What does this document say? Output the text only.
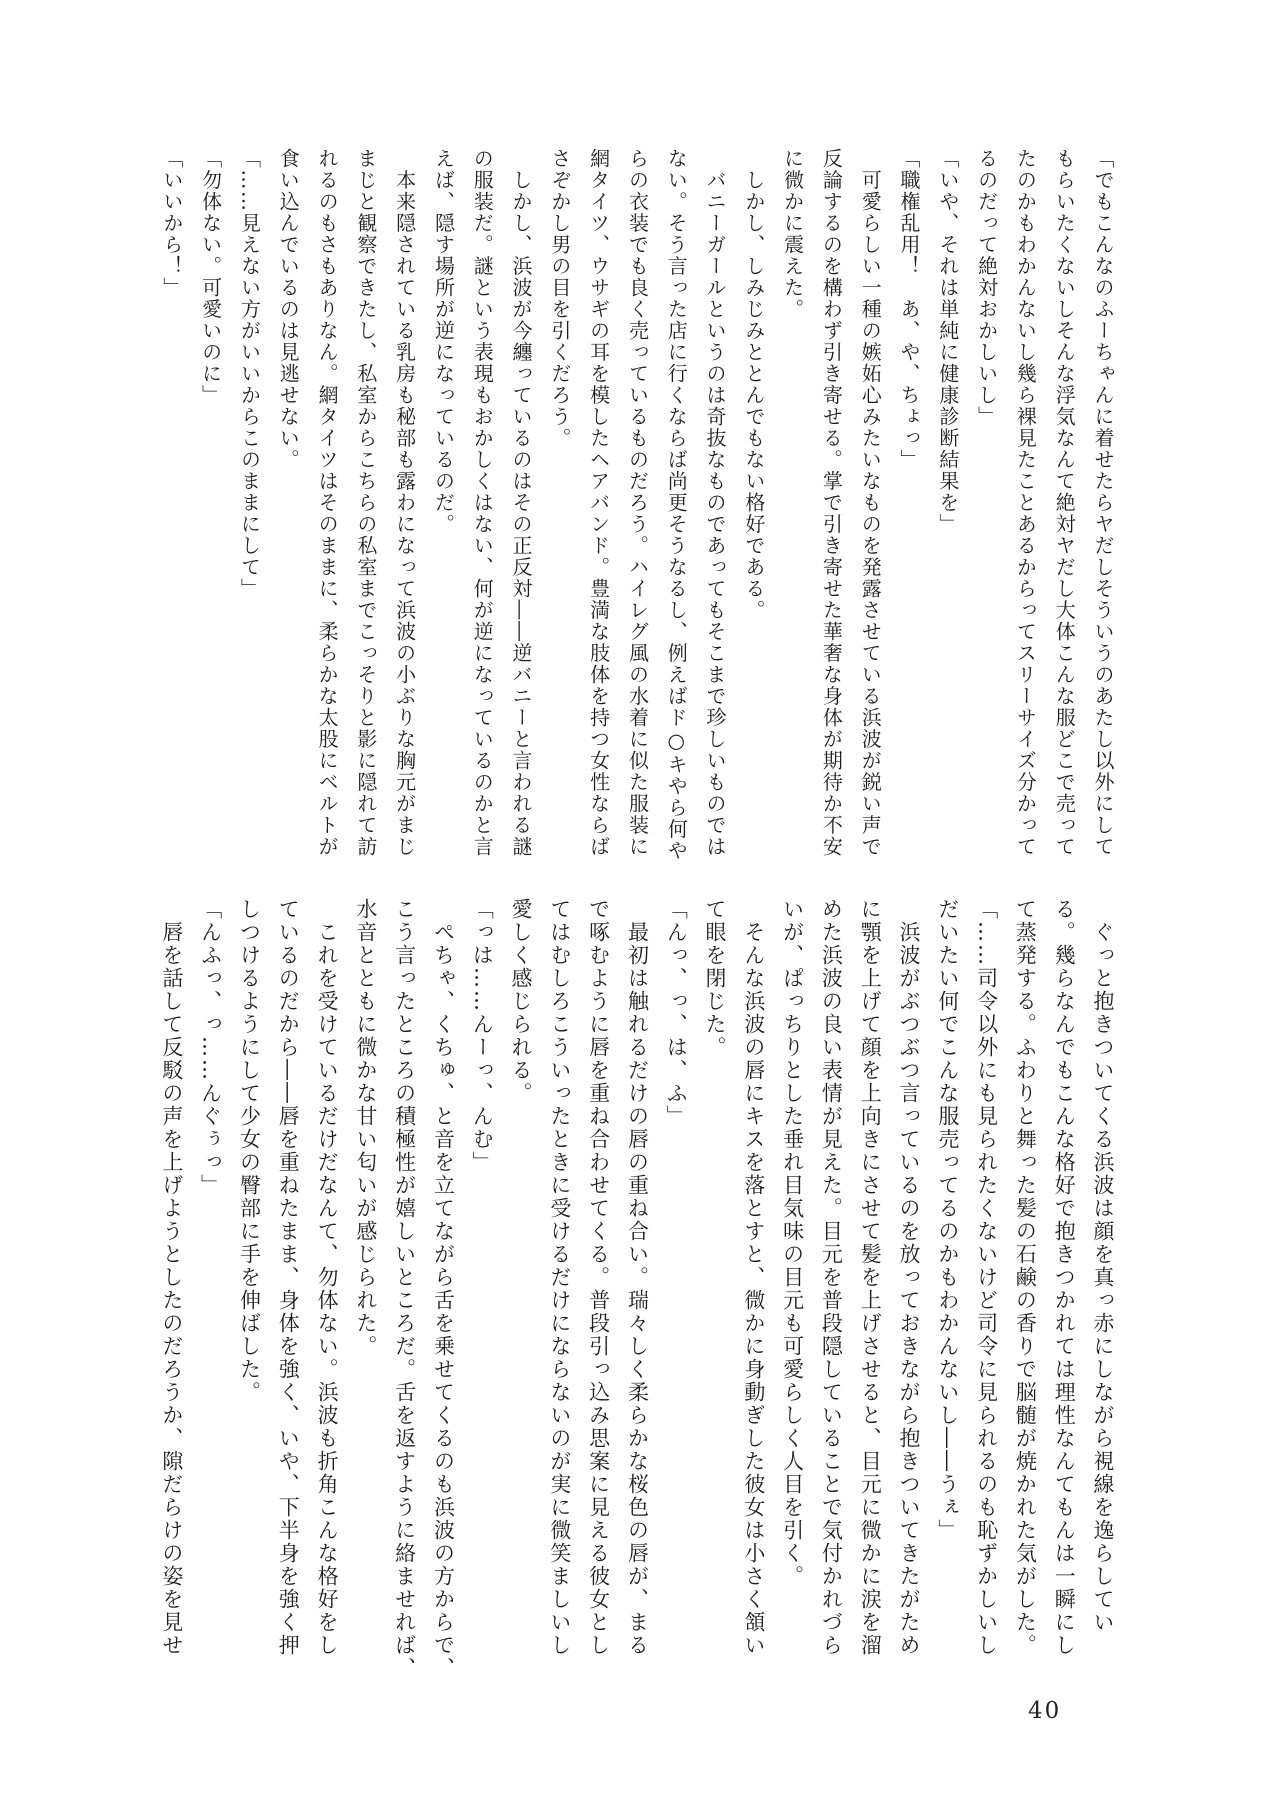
「でもこんなのふーちゃんに着せたらヤだしそういうのあたし以外にして

もらいたくないしそんな浮気なんて絶対ヤだし大体こんな服どこで売って

たのかもわかんないし幾ら裸見たことあるからってスリーサイズ分かって

るのだって絶対おかしいし」

「いや、それは単純に健康診断結果を」

「職権乱用！　あ、や、ちょっ」

　可愛らしい一種の嫉妬心みたいなものを発露させている浜波が鋭い声で

反論するのを構わず引き寄せる。掌で引き寄せた華奢な身体が期待か不安

に微かに震えた。

　しかし、しみじみととんでもない格好である。

　バニーガールというのは奇抜なものであってもそこまで珍しいものでは

ない。そう言った店に行くならば尚更そうなるし、例えばド○キやら何や

らの衣装でも良く売っているものだろう。ハイレグ風の水着に似た服装に

網タイツ、ウサギの耳を模したヘアバンド。豊満な肢体を持つ女性ならば

さぞかし男の目を引くだろう。

　しかし、浜波が今纏っているのはその正反対――逆バニーと言われる謎

の服装だ。謎という表現もおかしくはない、何が逆になっているのかと言

えば、隠す場所が逆になっているのだ。

　本来隠されている乳房も秘部も露わになって浜波の小ぶりな胸元がまじ

まじと観察できたし、私室からこちらの私室までこっそりと影に隠れて訪

れるのもさもありなん。網タイツはそのままに、柔らかな太股にベルトが

食い込んでいるのは見逃せない。

「……見えない方がいいからこのままにして」

「勿体ない。可愛いのに」

「いいから！」

　ぐっと抱きついてくる浜波は顔を真っ赤にしながら視線を逸らしてい

る。幾らなんでもこんな格好で抱きつかれては理性なんてもんは一瞬にし

て蒸発する。ふわりと舞った髪の石鹸の香りで脳髄が焼かれた気がした。

「……司令以外にも見られたくないけど司令に見られるのも恥ずかしいし

だいたい何でこんな服売ってるのかもわかんないし――うぇ」

　浜波がぶつぶつ言っているのを放っておきながら抱きついてきたがため

に顎を上げて顔を上向きにさせて髪を上げさせると、目元に微かに涙を溜

めた浜波の良い表情が見えた。目元を普段隠していることで気付かれづら

いが、ぱっちりとした垂れ目気味の目元も可愛らしく人目を引く。

　そんな浜波の唇にキスを落とすと、微かに身動ぎした彼女は小さく頷い

て眼を閉じた。

「んっ、っ、は、ふ」

　最初は触れるだけの唇の重ね合い。瑞々しく柔らかな桜色の唇が、まる

で啄むように唇を重ね合わせてくる。普段引っ込み思案に見える彼女とし

てはむしろこういったときに受けるだけにならないのが実に微笑ましいし

愛しく感じられる。

「っは……んーっ、んむ」

　ぺちゃ、くちゅ、と音を立てながら舌を乗せてくるのも浜波の方からで、

こう言ったところの積極性が嬉しいところだ。舌を返すように絡ませれば、

水音とともに微かな甘い匂いが感じられた。

　これを受けているだけだなんて、勿体ない。浜波も折角こんな格好をし

ているのだから――唇を重ねたまま、身体を強く、いや、下半身を強く押

しつけるようにして少女の臀部に手を伸ばした。

「んふっ、っ……んぐぅっ」

　唇を話して反駁の声を上げようとしたのだろうか、隙だらけの姿を見せ

40
